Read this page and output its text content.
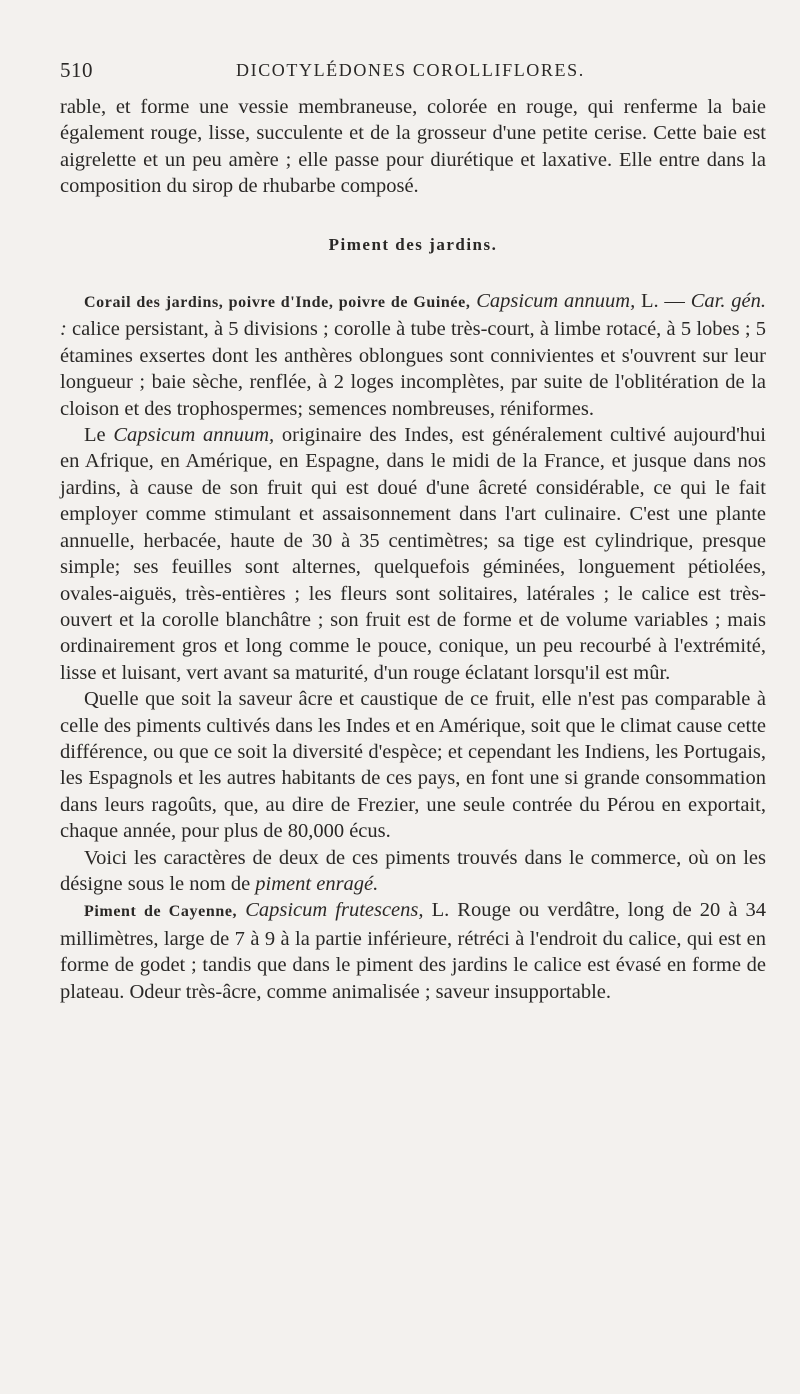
510	DICOTYLÉDONES COROLLIFLORES.

rable, et forme une vessie membraneuse, colorée en rouge, qui renferme la baie également rouge, lisse, succulente et de la grosseur d'une petite cerise. Cette baie est aigrelette et un peu amère ; elle passe pour diurétique et laxative. Elle entre dans la composition du sirop de rhubarbe composé.

Piment des jardins.

Corail des jardins, poivre d'Inde, poivre de Guinée, Capsicum annuum, L. — Car. gén. : calice persistant, à 5 divisions ; corolle à tube très-court, à limbe rotacé, à 5 lobes ; 5 étamines exsertes dont les anthères oblongues sont connivientes et s'ouvrent sur leur longueur ; baie sèche, renflée, à 2 loges incomplètes, par suite de l'oblitération de la cloison et des trophospermes; semences nombreuses, réniformes.

Le Capsicum annuum, originaire des Indes, est généralement cultivé aujourd'hui en Afrique, en Amérique, en Espagne, dans le midi de la France, et jusque dans nos jardins, à cause de son fruit qui est doué d'une âcreté considérable, ce qui le fait employer comme stimulant et assaisonnement dans l'art culinaire. C'est une plante annuelle, herbacée, haute de 30 à 35 centimètres; sa tige est cylindrique, presque simple; ses feuilles sont alternes, quelquefois géminées, longuement pétiolées, ovales-aiguës, très-entières ; les fleurs sont solitaires, latérales ; le calice est très-ouvert et la corolle blanchâtre ; son fruit est de forme et de volume variables ; mais ordinairement gros et long comme le pouce, conique, un peu recourbé à l'extrémité, lisse et luisant, vert avant sa maturité, d'un rouge éclatant lorsqu'il est mûr.

Quelle que soit la saveur âcre et caustique de ce fruit, elle n'est pas comparable à celle des piments cultivés dans les Indes et en Amérique, soit que le climat cause cette différence, ou que ce soit la diversité d'espèce; et cependant les Indiens, les Portugais, les Espagnols et les autres habitants de ces pays, en font une si grande consommation dans leurs ragoûts, que, au dire de Frezier, une seule contrée du Pérou en exportait, chaque année, pour plus de 80,000 écus.

Voici les caractères de deux de ces piments trouvés dans le commerce, où on les désigne sous le nom de piment enragé.

Piment de Cayenne, Capsicum frutescens, L. Rouge ou verdâtre, long de 20 à 34 millimètres, large de 7 à 9 à la partie inférieure, rétréci à l'endroit du calice, qui est en forme de godet ; tandis que dans le piment des jardins le calice est évasé en forme de plateau. Odeur très-âcre, comme animalisée ; saveur insupportable.
